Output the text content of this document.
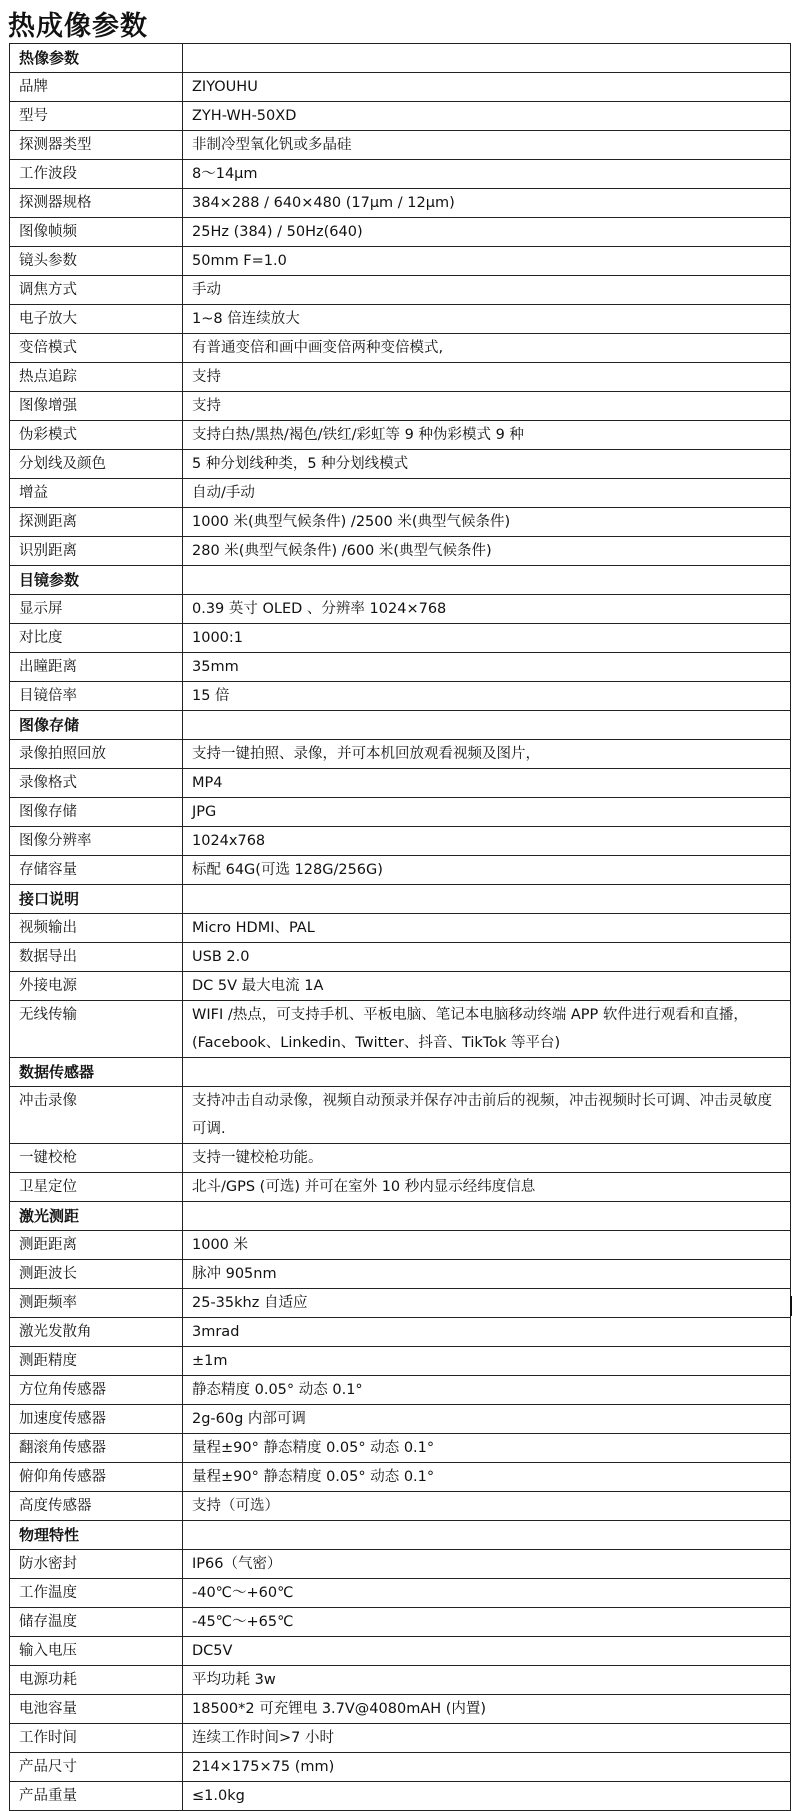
热成像参数
热像参数	
品牌	ZIYOUHU
型号	ZYH-WH-50XD
探测器类型	非制冷型氧化钒或多晶硅
工作波段	8～14μm
探测器规格	384×288 / 640×480 (17μm / 12μm)
图像帧频	25Hz (384) / 50Hz(640)
镜头参数	50mm F=1.0
调焦方式	手动
电子放大	1~8 倍连续放大
变倍模式	有普通变倍和画中画变倍两种变倍模式,
热点追踪	支持
图像增强	支持
伪彩模式	支持白热/黑热/褐色/铁红/彩虹等 9 种伪彩模式 9 种
分划线及颜色	5 种分划线种类，5 种分划线模式
增益	自动/手动
探测距离	1000 米(典型气候条件) /2500 米(典型气候条件)
识别距离	280 米(典型气候条件) /600 米(典型气候条件)
目镜参数	
显示屏	0.39 英寸 OLED 、分辨率 1024×768
对比度	1000:1
出瞳距离	35mm
目镜倍率	15 倍
图像存储	
录像拍照回放	支持一键拍照、录像，并可本机回放观看视频及图片，
录像格式	MP4
图像存储	JPG
图像分辨率	1024x768
存储容量	标配 64G(可选 128G/256G)
接口说明	
视频输出	Micro HDMI、PAL
数据导出	USB 2.0
外接电源	DC 5V 最大电流 1A
无线传输	WIFI /热点，可支持手机、平板电脑、笔记本电脑移动终端 APP 软件进行观看和直播，(Facebook、Linkedin、Twitter、抖音、TikTok 等平台)
数据传感器	
冲击录像	支持冲击自动录像，视频自动预录并保存冲击前后的视频，冲击视频时长可调、冲击灵敏度可调.
一键校枪	支持一键校枪功能。
卫星定位	北斗/GPS (可选) 并可在室外 10 秒内显示经纬度信息
激光测距	
测距距离	1000 米
测距波长	脉冲 905nm
测距频率	25-35khz 自适应
激光发散角	3mrad
测距精度	±1m
方位角传感器	静态精度 0.05° 动态 0.1°
加速度传感器	2g-60g 内部可调
翻滚角传感器	量程±90° 静态精度 0.05° 动态 0.1°
俯仰角传感器	量程±90° 静态精度 0.05° 动态 0.1°
高度传感器	支持（可选）
物理特性	
防水密封	IP66（气密）
工作温度	-40℃～+60℃
储存温度	-45℃～+65℃
输入电压	DC5V
电源功耗	平均功耗 3w
电池容量	18500*2 可充锂电 3.7V@4080mAH (内置)
工作时间	连续工作时间>7 小时
产品尺寸	214×175×75 (mm)
产品重量	≤1.0kg
